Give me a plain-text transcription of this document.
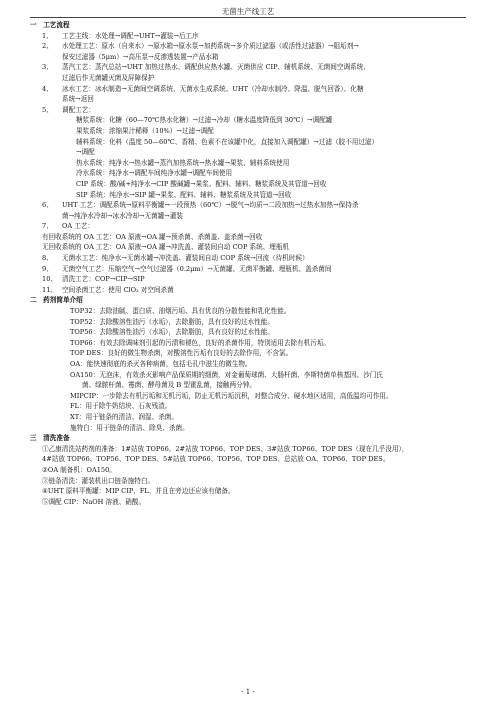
无菌生产线工艺
一　工艺流程
1、 工艺主线：水处理→调配→UHT→灌装→后工序
2、 水处理工艺：原水（自来水）→原水箱→原水泵→加药系统→多介质过滤器（或活性过滤器）→阻垢剂→
保安过滤器（5μm）→高压泵→反渗透装置→产品水箱
3、 蒸汽工艺：蒸汽总站→UHT 加热过热水、调配供应热水罐、灭菌供应 CIP、辅机系统、无菌间空调系统、
过滤后作无菌罐灭菌及屏障保护
4、 冰水工艺：冰水制造→无菌间空调系统、无菌水生成系统、UHT（冷却水制冷、降温、脱气回香）、化糖
系统→返回
5、 调配工艺：
糖浆系统：化糖（60—70℃热水化糖）→过滤→冷却（糖水温度降低到 30℃）→调配罐
果浆系统：浓缩果汁稀释（10%）→过滤→调配
辅料系统：化料（温度 50—60℃、香精、色素不在该罐中化，直接加入调配罐）→过滤（胶不用过滤）
→调配
热水系统：纯净水→热水罐→蒸汽加热系统→热水罐→果浆、辅料系统使用
冷水系统：纯净水→调配车间纯净水罐→调配车间使用
CIP 系统：酸/碱+纯净水→CIP 酸碱罐→果浆、配料、辅料、糖浆系统及其管道→回收
SIP 系统：纯净水→SIP 罐→果浆、配料、辅料、糖浆系统及其管道→回收
6、 UHT 工艺：调配系统→原料平衡罐→一段预热（60℃）→脱气→均质→二段加热→过热水加热→保持杀
菌→纯净水冷却→冰水冷却→无菌罐→灌装
7、 OA 工艺：
有回收系统的 OA 工艺：OA 原液→OA 罐→预杀菌、杀菌盖、盖杀菌→回收
无回收系统的 OA 工艺：OA 原液→OA 罐→冲洗盖、灌装间自动 COP 系统、埋瓶机
8、 无菌水工艺：纯净水→无菌水罐→冲洗盖、灌装间自动 COP 系统→回流（待机时候）
9、 无菌空气工艺：压缩空气→空气过滤器（0.2μm）→无菌罐、无菌平衡罐、埋瓶机、盖杀菌间
10、 清洗工艺：COP→CIP→SIP
11、 空间杀菌工艺：使用 ClO₂ 对空间杀菌
二　药剂简单介绍
TOP32：去除油腻、蛋白质、油烟污垢、具有优良的分散性能和乳化性能。
TOP52：去除酸溶性油污（水垢），去除脂肪，具有良好的过水性能。
TOP56：去除酸溶性油污（水垢），去除脂肪，具有良好的过水性能。
TOP66：有效去除调味剂引起的污渍和褪色，良好的杀菌作用，特别适用去除有机污垢。
TOP DES：良好的微生物杀菌，对酸溶性污垢有良好的去除作用，不含氯。
OA：能快速彻底的杀灭各种病菌，包括毛孔中滋生的微生物。
OA150：无泡沫，有效杀灭影响产品保质期的细菌，对金葡萄球菌、大肠杆菌、李斯特菌单核基因、沙门氏
菌、绿脓杆菌、霉菌、酵母菌及 B 型霍乱菌，接触两分钟。
MIPCIP：一步除去有机污垢和无机污垢，防止无机污垢沉积，对整合成分、硬水地区适用，高低温均可作用。
FL：用于除牛奶结块、石灰残渣。
XT：用于链条的清洁、润湿、杀菌。
施特白：用于链条的清洁、除臭、杀菌。
三　清洗准备
①乙康清洗站药剂的准备：1#站放 TOP66、2#站放 TOP66、TOP DES、3#站放 TOP66、TOP DES（现在几乎没用），
4#站放 TOP66、TOP56、TOP DES、5#站放 TOP66、TOP56、TOP DES、总站放 OA、TOP66、TOP DES。
②OA 制备机：OA150。
③链条清洗：灌装机出口链条施特白。
④UHT 原料平衡罐：MIP CIP、FL、并且在旁边还应该有储备。
⑤调配 CIP：NaOH 溶液、硝酸。
- 1 -
